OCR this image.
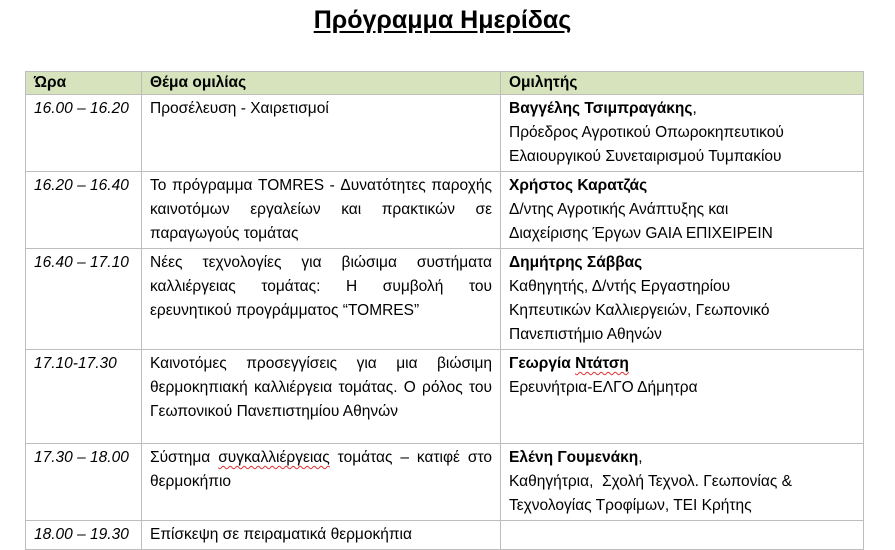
Πρόγραμμα Ημερίδας
Ώρα	Θέμα ομιλίας	Ομιλητής
16.00 – 16.20	Προσέλευση - Χαιρετισμοί	Βαγγέλης Τσιμπραγάκης,
Πρόεδρος Αγροτικού Οπωροκηπευτικού
Ελαιουργικού Συνεταιρισμού Τυμπακίου

16.20 – 16.40	Το πρόγραμμα TOMRES - Δυνατότητες παροχής καινοτόμων εργαλείων και πρακτικών σε παραγωγούς τομάτας	Χρήστος Καρατζάς
Δ/ντης Αγροτικής Ανάπτυξης και
Διαχείρισης Έργων GAIA ΕΠΙΧΕΙΡΕΙΝ

16.40 – 17.10	Νέες τεχνολογίες για βιώσιμα συστήματα καλλιέργειας τομάτας: Η συμβολή του ερευνητικού προγράμματος “TOMRES”	Δημήτρης Σάββας
Καθηγητής, Δ/ντής Εργαστηρίου
Κηπευτικών Καλλιεργειών, Γεωπονικό
Πανεπιστήμιο Αθηνών

17.10-17.30	Καινοτόμες προσεγγίσεις για μια βιώσιμη θερμοκηπιακή καλλιέργεια τομάτας. Ο ρόλος του Γεωπονικού Πανεπιστημίου Αθηνών	Γεωργία Ντάτση
Ερευνήτρια-ΕΛΓΟ Δήμητρα

17.30 – 18.00	Σύστημα συγκαλλιέργειας τομάτας – κατιφέ στο θερμοκήπιο	Ελένη Γουμενάκη,
Καθηγήτρια,  Σχολή Τεχνολ. Γεωπονίας &
Τεχνολογίας Τροφίμων, ΤΕΙ Κρήτης

18.00 – 19.30	Επίσκεψη σε πειραματικά θερμοκήπια	
